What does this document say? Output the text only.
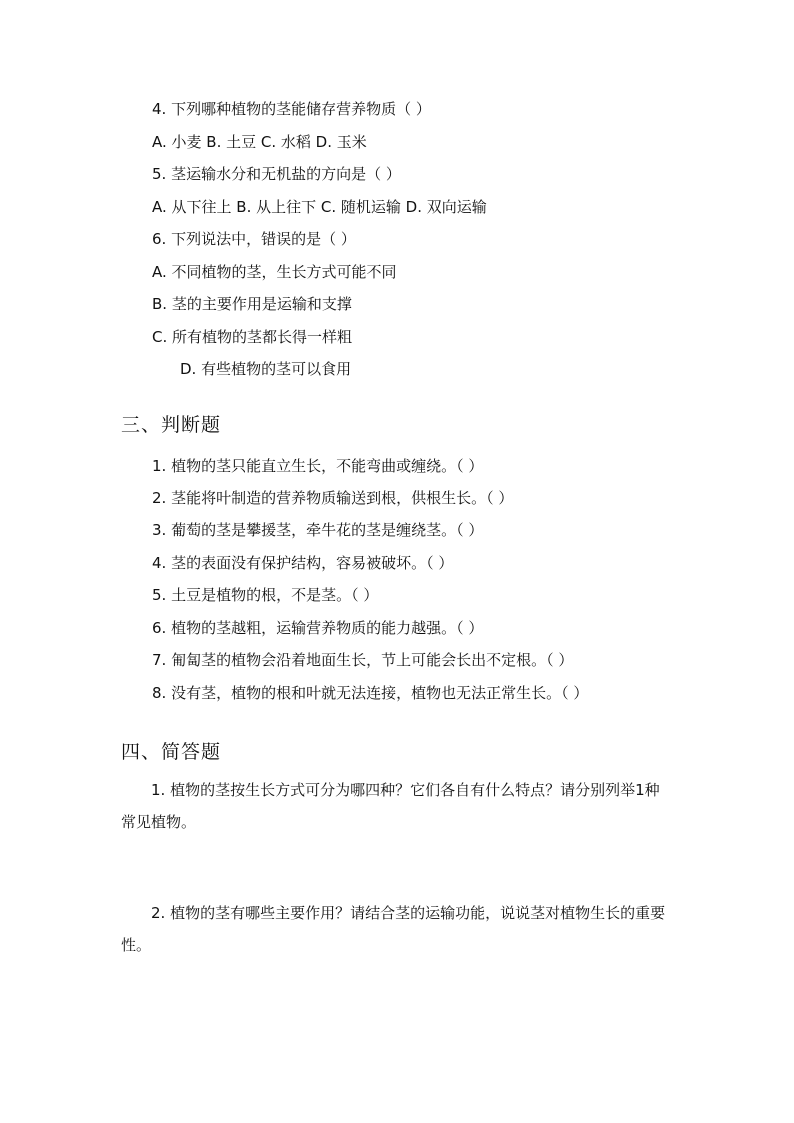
4. 下列哪种植物的茎能储存营养物质（ ）
A. 小麦 B. 土豆 C. 水稻 D. 玉米
5. 茎运输水分和无机盐的方向是（ ）
A. 从下往上 B. 从上往下 C. 随机运输 D. 双向运输
6. 下列说法中，错误的是（ ）
A. 不同植物的茎，生长方式可能不同
B. 茎的主要作用是运输和支撑
C. 所有植物的茎都长得一样粗
D. 有些植物的茎可以食用
三、判断题
1. 植物的茎只能直立生长，不能弯曲或缠绕。（ ）
2. 茎能将叶制造的营养物质输送到根，供根生长。（ ）
3. 葡萄的茎是攀援茎，牵牛花的茎是缠绕茎。（ ）
4. 茎的表面没有保护结构，容易被破坏。（ ）
5. 土豆是植物的根，不是茎。（ ）
6. 植物的茎越粗，运输营养物质的能力越强。（ ）
7. 匍匐茎的植物会沿着地面生长，节上可能会长出不定根。（ ）
8. 没有茎，植物的根和叶就无法连接，植物也无法正常生长。（ ）
四、简答题
1. 植物的茎按生长方式可分为哪四种？它们各自有什么特点？请分别列举1种常见植物。
2. 植物的茎有哪些主要作用？请结合茎的运输功能，说说茎对植物生长的重要性。
